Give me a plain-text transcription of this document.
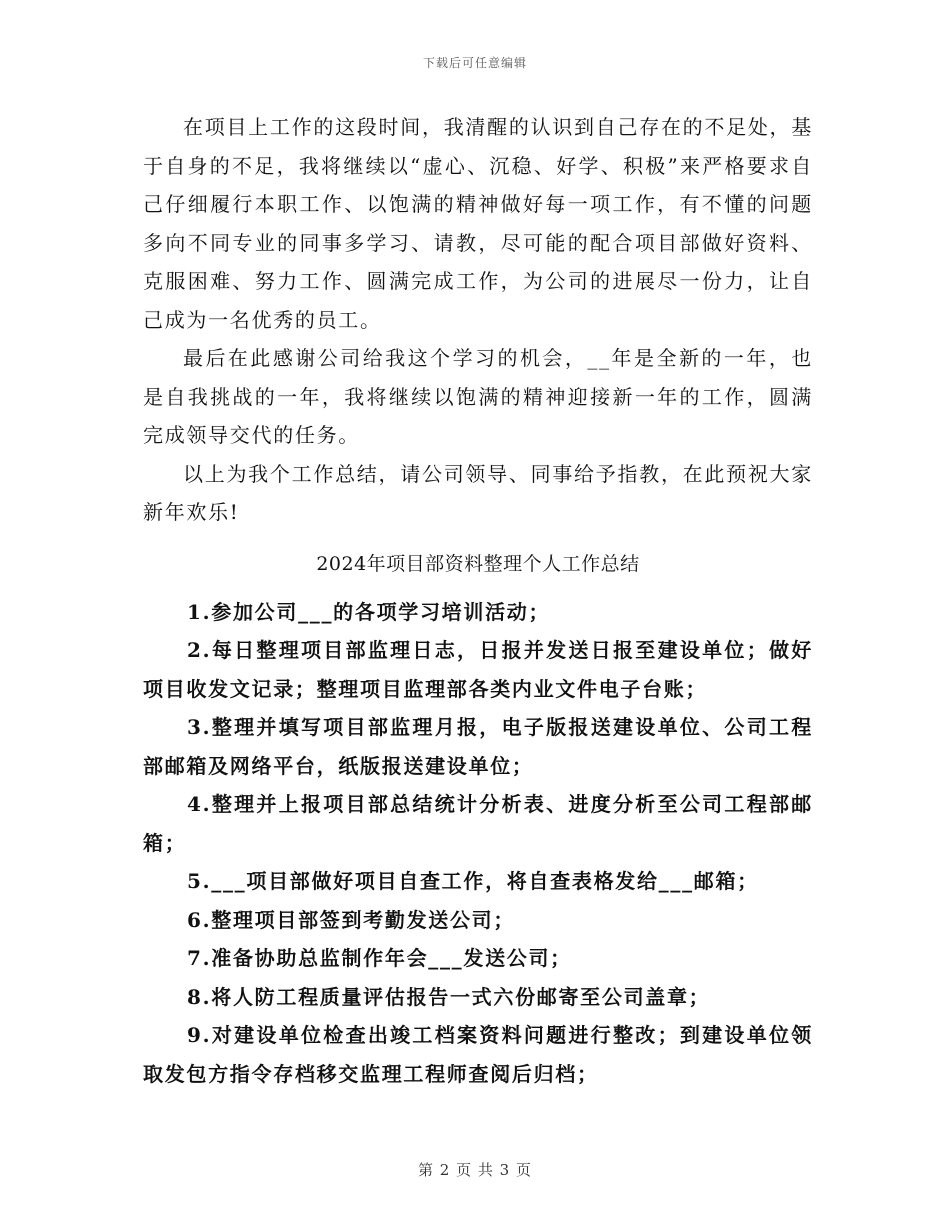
下载后可任意编辑

在项目上工作的这段时间，我清醒的认识到自己存在的不足处，基于自身的不足，我将继续以“虚心、沉稳、好学、积极”来严格要求自己仔细履行本职工作、以饱满的精神做好每一项工作，有不懂的问题多向不同专业的同事多学习、请教，尽可能的配合项目部做好资料、克服困难、努力工作、圆满完成工作，为公司的进展尽一份力，让自己成为一名优秀的员工。

最后在此感谢公司给我这个学习的机会，__年是全新的一年，也是自我挑战的一年，我将继续以饱满的精神迎接新一年的工作，圆满完成领导交代的任务。

以上为我个工作总结，请公司领导、同事给予指教，在此预祝大家新年欢乐!

2024年项目部资料整理个人工作总结

1.参加公司___的各项学习培训活动；

2.每日整理项目部监理日志，日报并发送日报至建设单位；做好项目收发文记录；整理项目监理部各类内业文件电子台账；

3.整理并填写项目部监理月报，电子版报送建设单位、公司工程部邮箱及网络平台，纸版报送建设单位；

4.整理并上报项目部总结统计分析表、进度分析至公司工程部邮箱；

5.___项目部做好项目自查工作，将自查表格发给___邮箱；

6.整理项目部签到考勤发送公司；

7.准备协助总监制作年会___发送公司；

8.将人防工程质量评估报告一式六份邮寄至公司盖章；

9.对建设单位检查出竣工档案资料问题进行整改；到建设单位领取发包方指令存档移交监理工程师查阅后归档；

第 2 页 共 3 页
